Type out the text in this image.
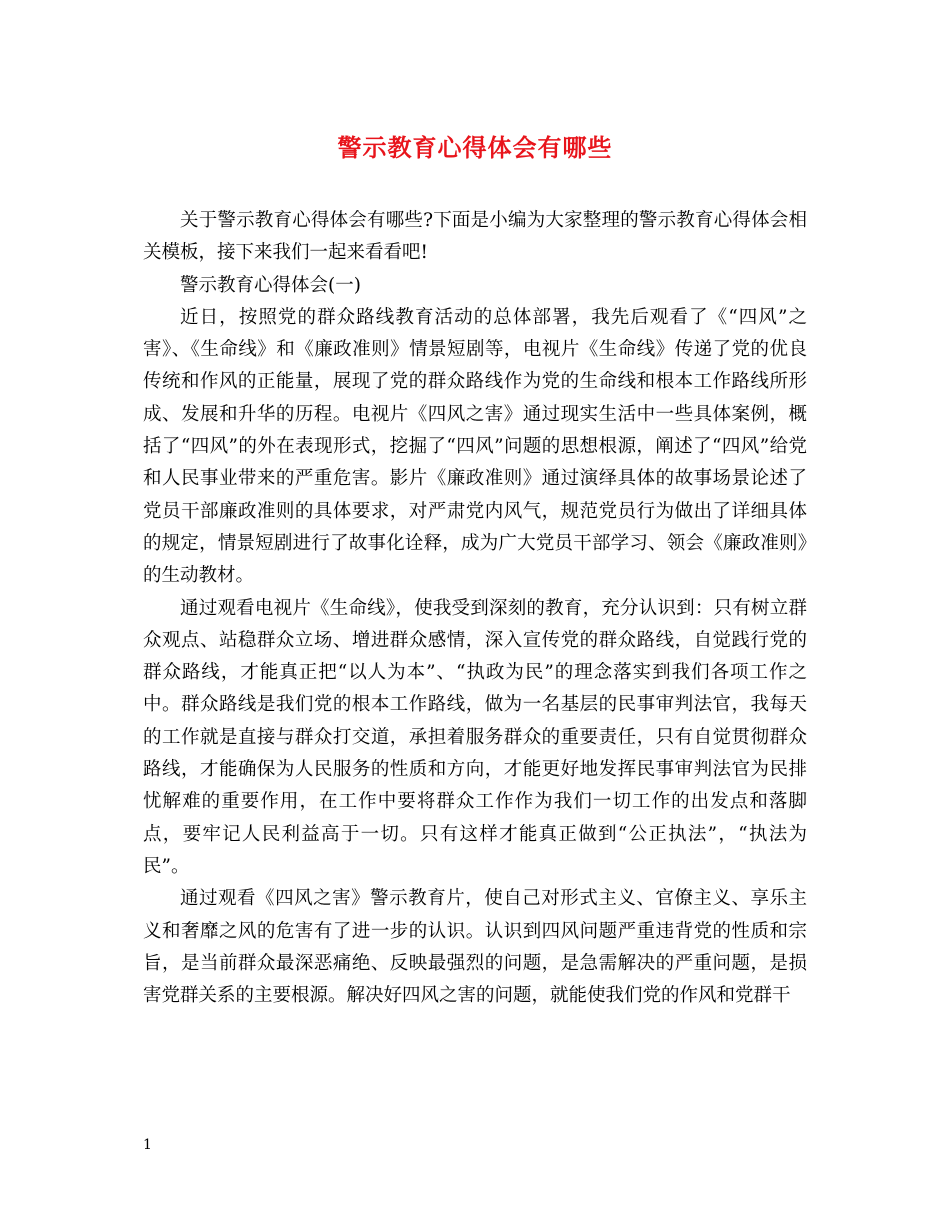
警示教育心得体会有哪些

关于警示教育心得体会有哪些?下面是小编为大家整理的警示教育心得体会相关模板，接下来我们一起来看看吧!

警示教育心得体会(一)

近日，按照党的群众路线教育活动的总体部署，我先后观看了《“四风”之害》、《生命线》和《廉政准则》情景短剧等，电视片《生命线》传递了党的优良传统和作风的正能量，展现了党的群众路线作为党的生命线和根本工作路线所形成、发展和升华的历程。电视片《四风之害》通过现实生活中一些具体案例，概括了“四风”的外在表现形式，挖掘了“四风”问题的思想根源，阐述了“四风”给党和人民事业带来的严重危害。影片《廉政准则》通过演绎具体的故事场景论述了党员干部廉政准则的具体要求，对严肃党内风气，规范党员行为做出了详细具体的规定，情景短剧进行了故事化诠释，成为广大党员干部学习、领会《廉政准则》的生动教材。

通过观看电视片《生命线》，使我受到深刻的教育，充分认识到：只有树立群众观点、站稳群众立场、增进群众感情，深入宣传党的群众路线，自觉践行党的群众路线，才能真正把“以人为本”、“执政为民”的理念落实到我们各项工作之中。群众路线是我们党的根本工作路线，做为一名基层的民事审判法官，我每天的工作就是直接与群众打交道，承担着服务群众的重要责任，只有自觉贯彻群众路线，才能确保为人民服务的性质和方向，才能更好地发挥民事审判法官为民排忧解难的重要作用，在工作中要将群众工作作为我们一切工作的出发点和落脚点，要牢记人民利益高于一切。只有这样才能真正做到“公正执法”，“执法为民”。

通过观看《四风之害》警示教育片，使自己对形式主义、官僚主义、享乐主义和奢靡之风的危害有了进一步的认识。认识到四风问题严重违背党的性质和宗旨，是当前群众最深恶痛绝、反映最强烈的问题，是急需解决的严重问题，是损害党群关系的主要根源。解决好四风之害的问题，就能使我们党的作风和党群干

1
